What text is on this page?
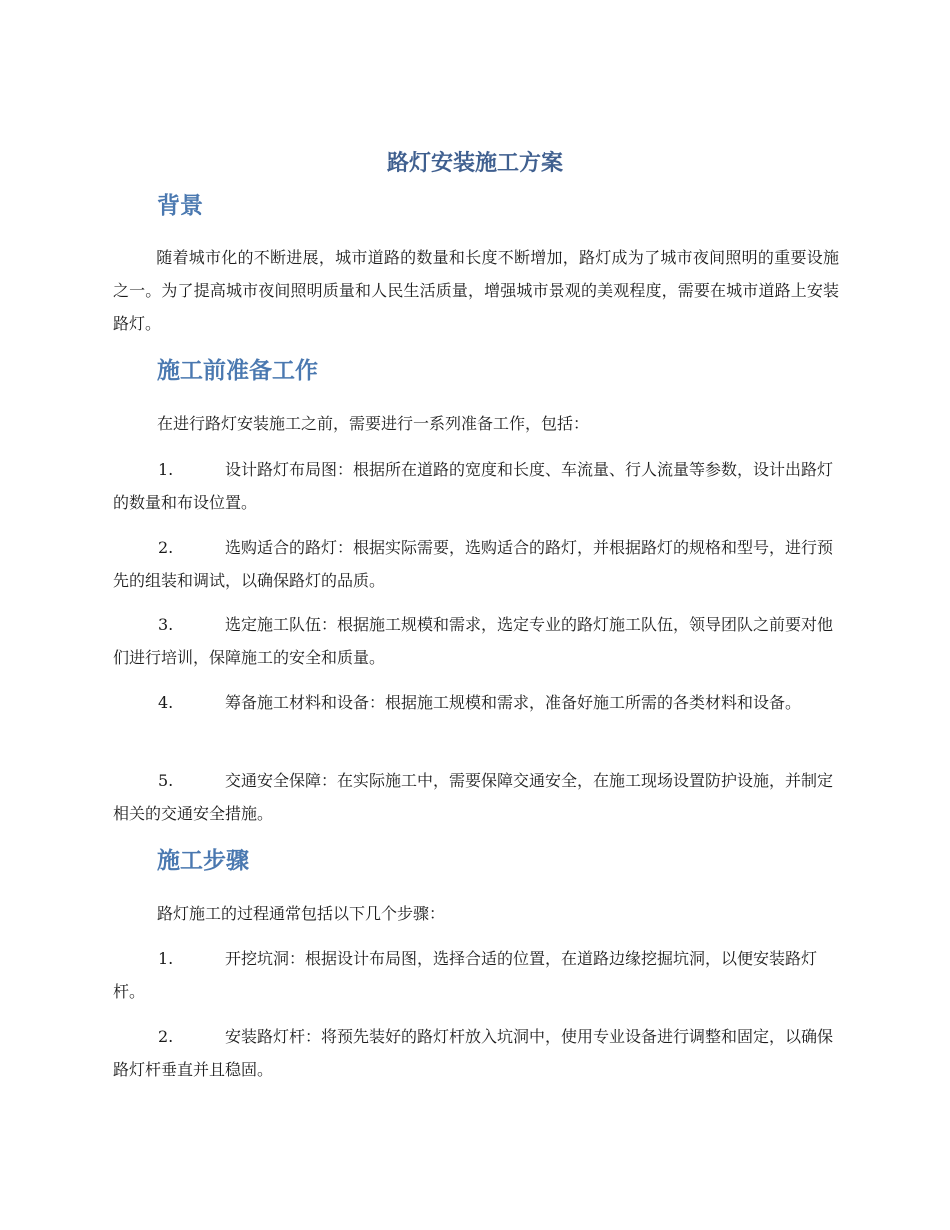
路灯安装施工方案
背景

随着城市化的不断进展，城市道路的数量和长度不断增加，路灯成为了城市夜间照明的重要设施之一。为了提高城市夜间照明质量和人民生活质量，增强城市景观的美观程度，需要在城市道路上安装路灯。

施工前准备工作

在进行路灯安装施工之前，需要进行一系列准备工作，包括：

1.	设计路灯布局图：根据所在道路的宽度和长度、车流量、行人流量等参数，设计出路灯的数量和布设位置。
2.	选购适合的路灯：根据实际需要，选购适合的路灯，并根据路灯的规格和型号，进行预先的组装和调试，以确保路灯的品质。
3.	选定施工队伍：根据施工规模和需求，选定专业的路灯施工队伍，领导团队之前要对他们进行培训，保障施工的安全和质量。
4.	筹备施工材料和设备：根据施工规模和需求，准备好施工所需的各类材料和设备。
5.	交通安全保障：在实际施工中，需要保障交通安全，在施工现场设置防护设施，并制定相关的交通安全措施。
施工步骤

路灯施工的过程通常包括以下几个步骤：

1.	开挖坑洞：根据设计布局图，选择合适的位置，在道路边缘挖掘坑洞，以便安装路灯杆。
2.	安装路灯杆：将预先装好的路灯杆放入坑洞中，使用专业设备进行调整和固定，以确保路灯杆垂直并且稳固。
